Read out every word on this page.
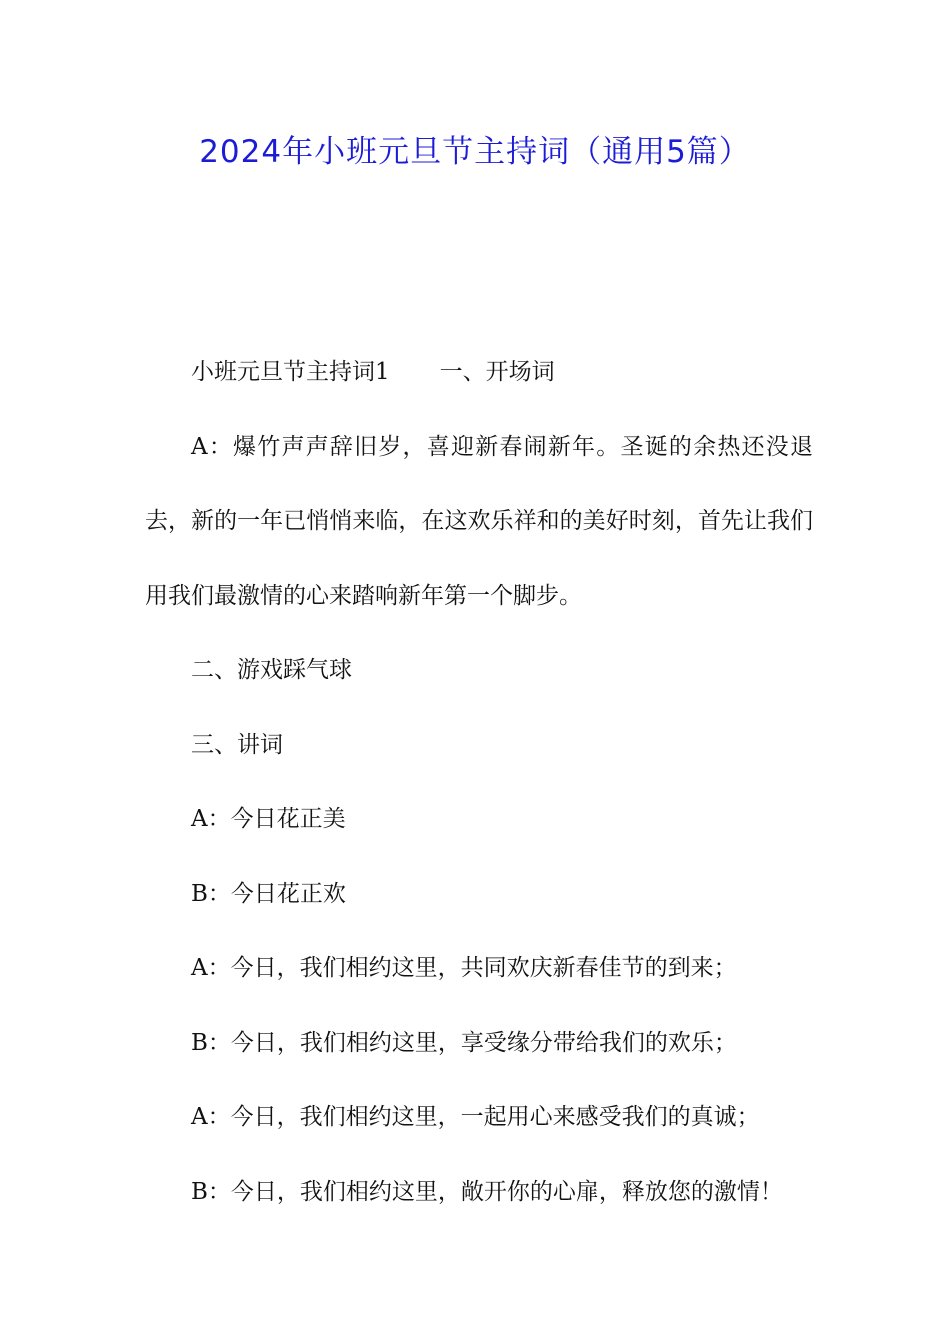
2024年小班元旦节主持词（通用5篇）

小班元旦节主持词1 一、开场词

A：爆竹声声辞旧岁，喜迎新春闹新年。圣诞的余热还没退去，新的一年已悄悄来临，在这欢乐祥和的美好时刻，首先让我们用我们最激情的心来踏响新年第一个脚步。

二、游戏踩气球

三、讲词

A：今日花正美

B：今日花正欢

A：今日，我们相约这里，共同欢庆新春佳节的到来；

B：今日，我们相约这里，享受缘分带给我们的欢乐；

A：今日，我们相约这里，一起用心来感受我们的真诚；

B：今日，我们相约这里，敞开你的心扉，释放您的激情！
